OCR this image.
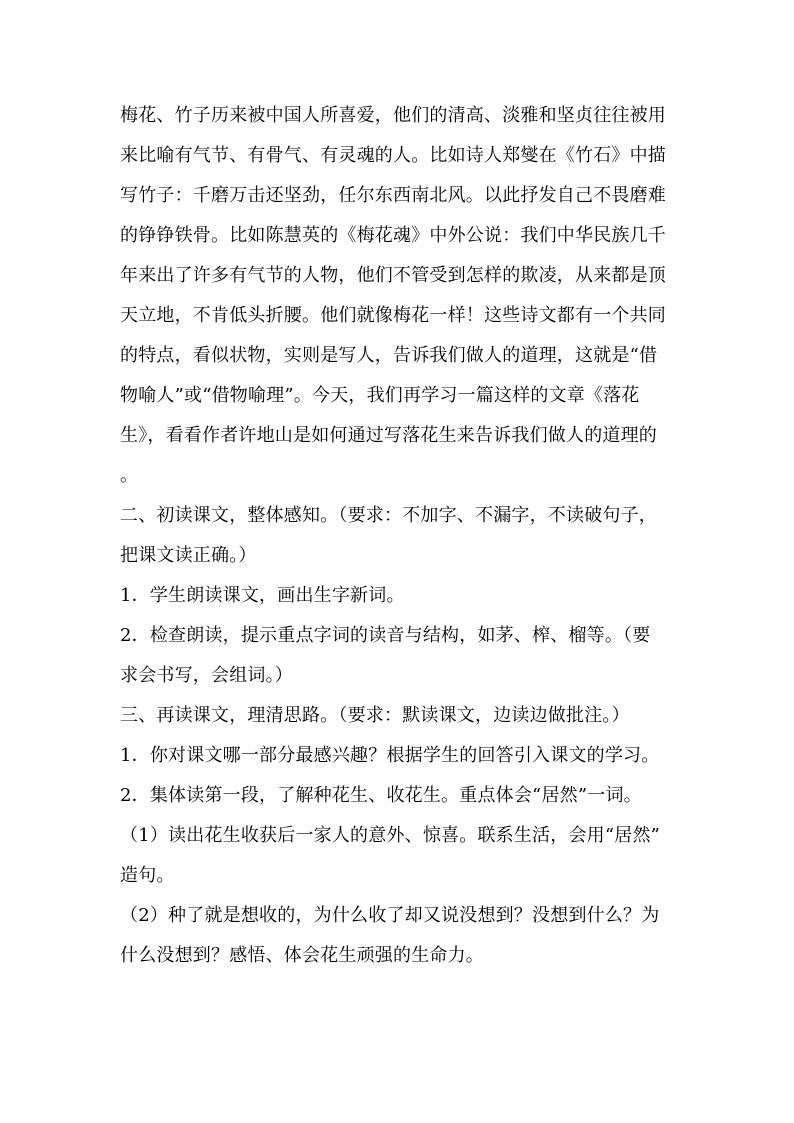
梅花、竹子历来被中国人所喜爱，他们的清高、淡雅和坚贞往往被用
来比喻有气节、有骨气、有灵魂的人。比如诗人郑燮在《竹石》中描
写竹子：千磨万击还坚劲，任尔东西南北风。以此抒发自己不畏磨难
的铮铮铁骨。比如陈慧英的《梅花魂》中外公说：我们中华民族几千
年来出了许多有气节的人物，他们不管受到怎样的欺凌，从来都是顶
天立地，不肯低头折腰。他们就像梅花一样！这些诗文都有一个共同
的特点，看似状物，实则是写人，告诉我们做人的道理，这就是“借
物喻人”或“借物喻理”。今天，我们再学习一篇这样的文章《落花
生》，看看作者许地山是如何通过写落花生来告诉我们做人的道理的
。
二、初读课文，整体感知。（要求：不加字、不漏字，不读破句子，
把课文读正确。）
1．学生朗读课文，画出生字新词。
2．检查朗读，提示重点字词的读音与结构，如茅、榨、榴等。（要
求会书写，会组词。）
三、再读课文，理清思路。（要求：默读课文，边读边做批注。）
1．你对课文哪一部分最感兴趣？根据学生的回答引入课文的学习。
2．集体读第一段，了解种花生、收花生。重点体会“居然”一词。
（1）读出花生收获后一家人的意外、惊喜。联系生活，会用“居然”
造句。
（2）种了就是想收的，为什么收了却又说没想到？没想到什么？为
什么没想到？感悟、体会花生顽强的生命力。
